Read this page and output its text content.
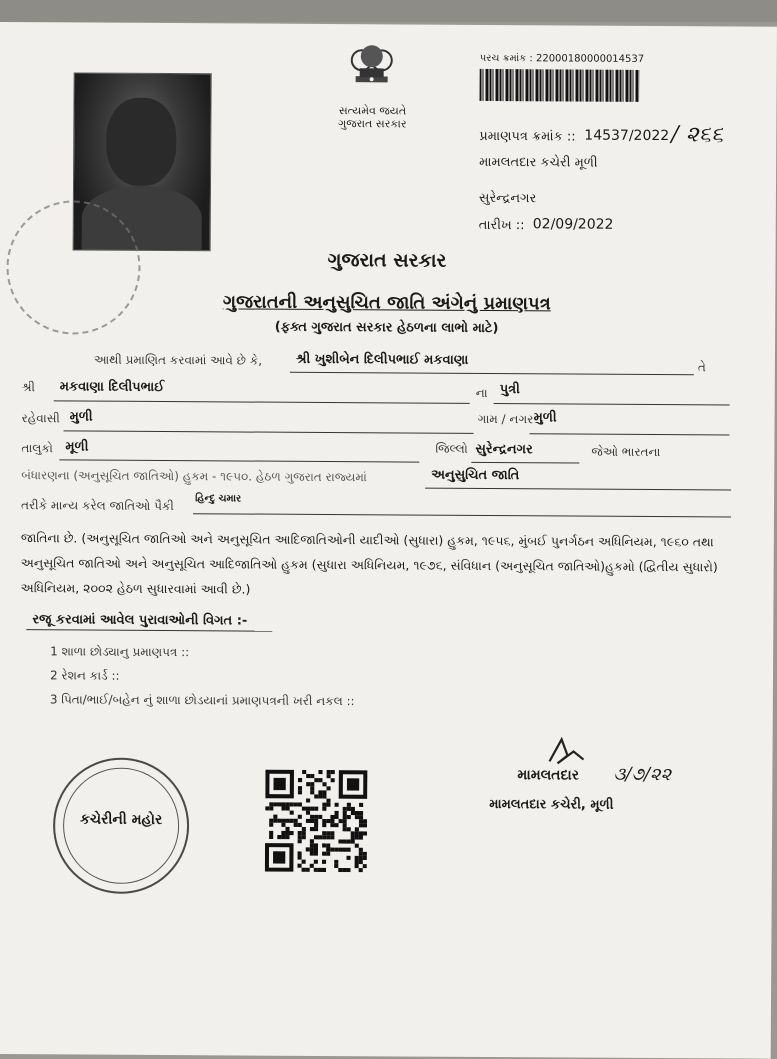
સત્યમેવ જયતે
ગુજરાત સરકાર
પરચ ક્રમાંક : 22000180000014537
પ્રમાણપત્ર ક્રમાંક :: 14537/2022 / ૨૬૬
મામલતદાર કચેરી મૂળી
સુરેન્દ્રનગર
તારીખ :: 02/09/2022
ગુજરાત સરકાર
ગુજરાતની અનુસુચિત જાતિ અંગેનું પ્રમાણપત્ર
(ફક્ત ગુજરાત સરકાર હેઠળના લાભો માટે)
આથી પ્રમાણિત કરવામાં આવે છે કે,	શ્રી ખુશીબેન દિલીપભાઈ મકવાણા	તે
શ્રી મકવાણા દિલીપભાઈ	ના પુત્રી
રહેવાસી મુળી	ગામ / નગર મુળી
તાલુકો મૂળી	જિલ્લો સુરેન્દ્રનગર	જેઓ ભારતના
બંધારણના (અનુસૂચિત જાતિઓ) હુકમ - ૧૯૫૦. હેઠળ ગુજરાત રાજ્યમાં	અનુસુચિત જાતિ
તરીકે માન્ય કરેલ જાતિઓ પૈકી હિન્દુ ચમાર
જાતિના છે. (અનુસૂચિત જાતિઓ અને અનુસૂચિત આદિજાતિઓની યાદીઓ (સુધારા) હુકમ, ૧૯૫૬, મુંબઈ પુનર્ગઠન અધિનિયમ, ૧૯૬૦ તથા અનુસૂચિત જાતિઓ અને અનુસૂચિત આદિજાતિઓ હુકમ (સુધારા અધિનિયમ, ૧૯૭૬, સંવિધાન (અનુસૂચિત જાતિઓ)હુકમો (દ્વિતીય સુધારો) અધિનિયમ, ૨૦૦૨ હેઠળ સુધારવામાં આવી છે.)
રજૂ કરવામાં આવેલ પુરાવાઓની વિગત :-
1 શાળા છોડ્યાનુ પ્રમાણપત્ર ::
2 રેશન કાર્ડ ::
3 પિતા/ભાઈ/બહેન નું શાળા છોડયાનાં પ્રમાણપત્રની ખરી નકલ ::
કચેરીની મહોર
મામલતદાર ૩/૭/૨૨
મામલતદાર કચેરી, મૂળી
